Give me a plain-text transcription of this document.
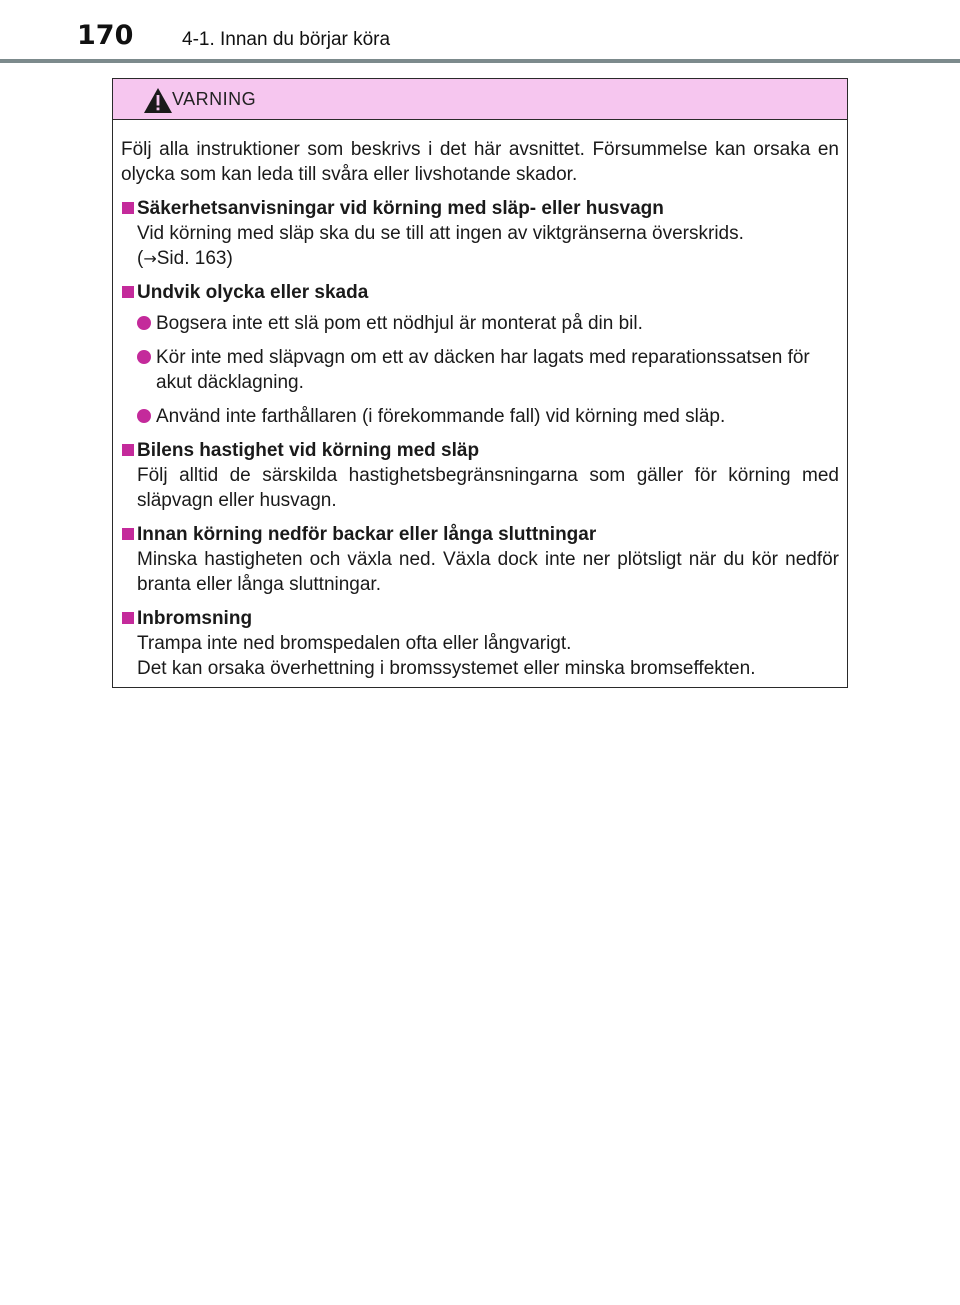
170	4-1. Innan du börjar köra
VARNING

Följ alla instruktioner som beskrivs i det här avsnittet. Försummelse kan orsaka en olycka som kan leda till svåra eller livshotande skador.

Säkerhetsanvisningar vid körning med släp- eller husvagn

Vid körning med släp ska du se till att ingen av viktgränserna överskrids.

(→Sid. 163)

Undvik olycka eller skada

Bogsera inte ett slä pom ett nödhjul är monterat på din bil.

Kör inte med släpvagn om ett av däcken har lagats med reparationssatsen för akut däcklagning.

Använd inte farthållaren (i förekommande fall) vid körning med släp.

Bilens hastighet vid körning med släp

Följ alltid de särskilda hastighetsbegränsningarna som gäller för körning med släpvagn eller husvagn.

Innan körning nedför backar eller långa sluttningar

Minska hastigheten och växla ned. Växla dock inte ner plötsligt när du kör nedför branta eller långa sluttningar.

Inbromsning

Trampa inte ned bromspedalen ofta eller långvarigt.

Det kan orsaka överhettning i bromssystemet eller minska bromseffekten.
